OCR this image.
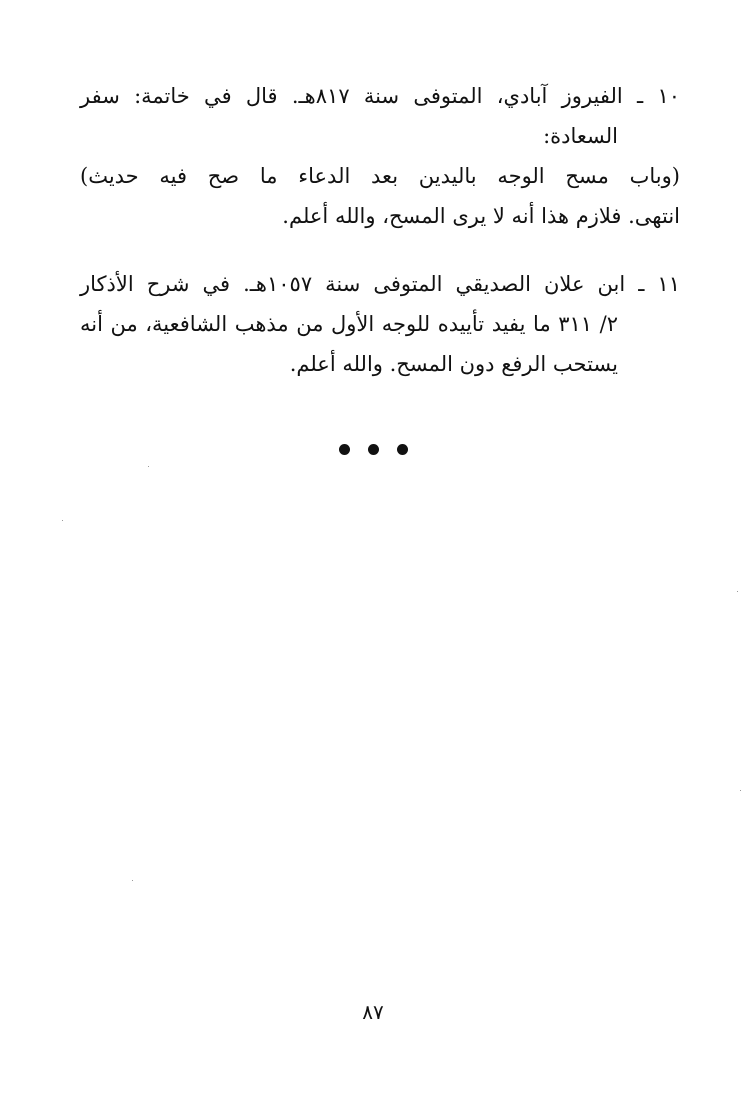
١٠ ـ الفيروز آبادي، المتوفى سنة ٨١٧هـ. قال في خاتمة: سفر
السعادة:
(وباب مسح الوجه باليدين بعد الدعاء ما صح فيه حديث)
انتهى. فلازم هذا أنه لا يرى المسح، والله أعلم.
١١ ـ ابن علان الصديقي المتوفى سنة ١٠٥٧هـ. في شرح الأذكار
٢/ ٣١١ ما يفيد تأييده للوجه الأول من مذهب الشافعية، من أنه
يستحب الرفع دون المسح. والله أعلم.
٨٧
